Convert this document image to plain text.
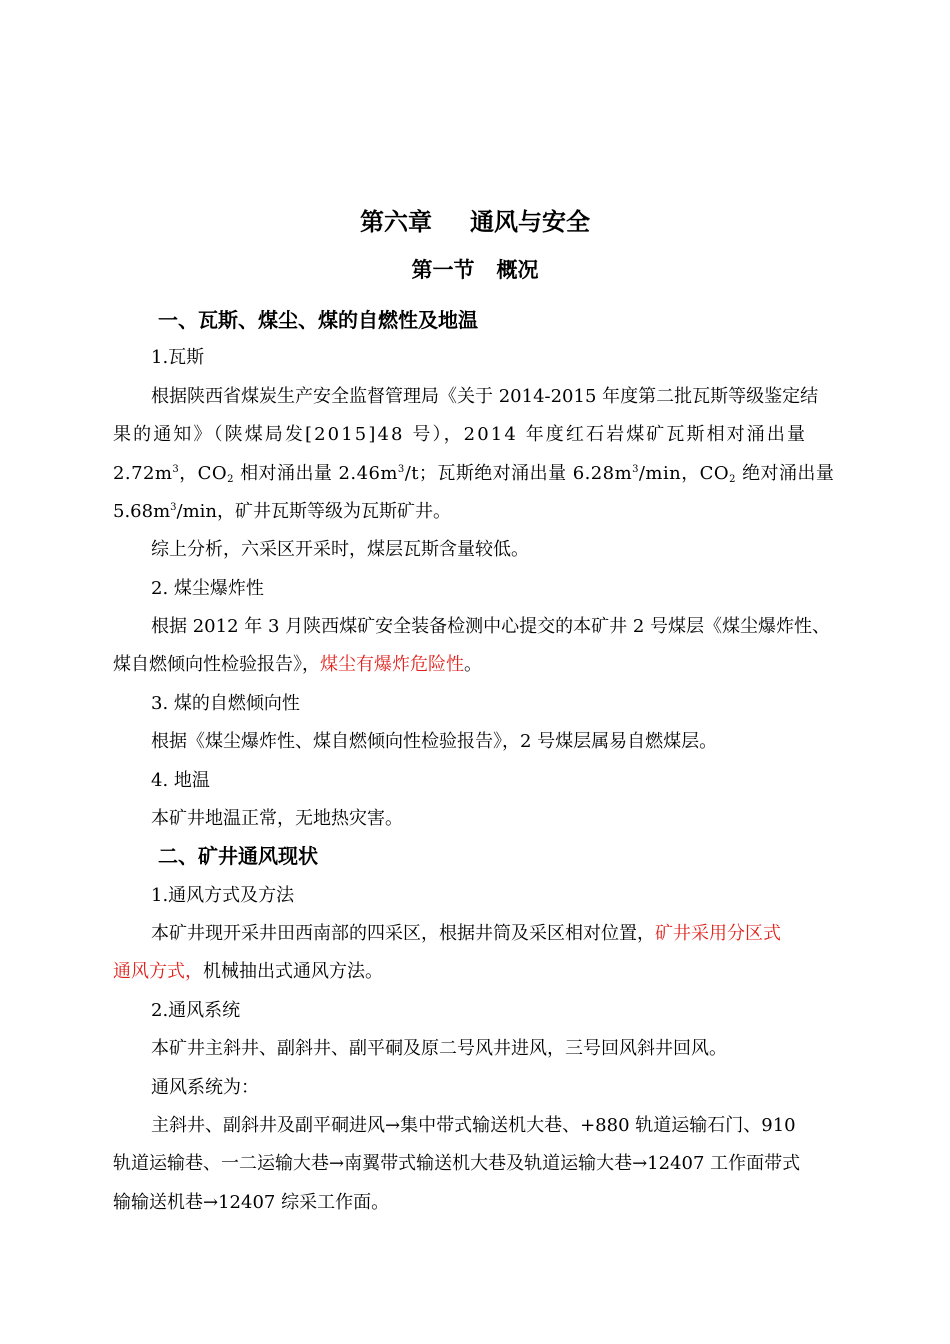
第六章 通风与安全
第一节 概况
一、瓦斯、煤尘、煤的自燃性及地温
1.瓦斯
根据陕西省煤炭生产安全监督管理局《关于 2014-2015 年度第二批瓦斯等级鉴定结
果的通知》（陕煤局发[2015]48 号），2014 年度红石岩煤矿瓦斯相对涌出量
$2.72m^3$，$CO_2$ 相对涌出量 $2.46m^3/t$；瓦斯绝对涌出量 $6.28m^3/\min$，$CO_2$ 绝对涌出量
$5.68m^3/\min$，矿井瓦斯等级为瓦斯矿井。
综上分析，六采区开采时，煤层瓦斯含量较低。
2. 煤尘爆炸性
根据 2012 年 3 月陕西煤矿安全装备检测中心提交的本矿井 2 号煤层《煤尘爆炸性、
煤自燃倾向性检验报告》，煤尘有爆炸危险性。
3. 煤的自燃倾向性
根据《煤尘爆炸性、煤自燃倾向性检验报告》，2 号煤层属易自燃煤层。
4. 地温
本矿井地温正常，无地热灾害。
二、矿井通风现状
1.通风方式及方法
本矿井现开采井田西南部的四采区，根据井筒及采区相对位置，矿井采用分区式
通风方式，机械抽出式通风方法。
2.通风系统
本矿井主斜井、副斜井、副平硐及原二号风井进风，三号回风斜井回风。
通风系统为：
主斜井、副斜井及副平硐进风→集中带式输送机大巷、+880 轨道运输石门、910
轨道运输巷、一二运输大巷→南翼带式输送机大巷及轨道运输大巷→12407 工作面带式
输输送机巷→12407 综采工作面。
